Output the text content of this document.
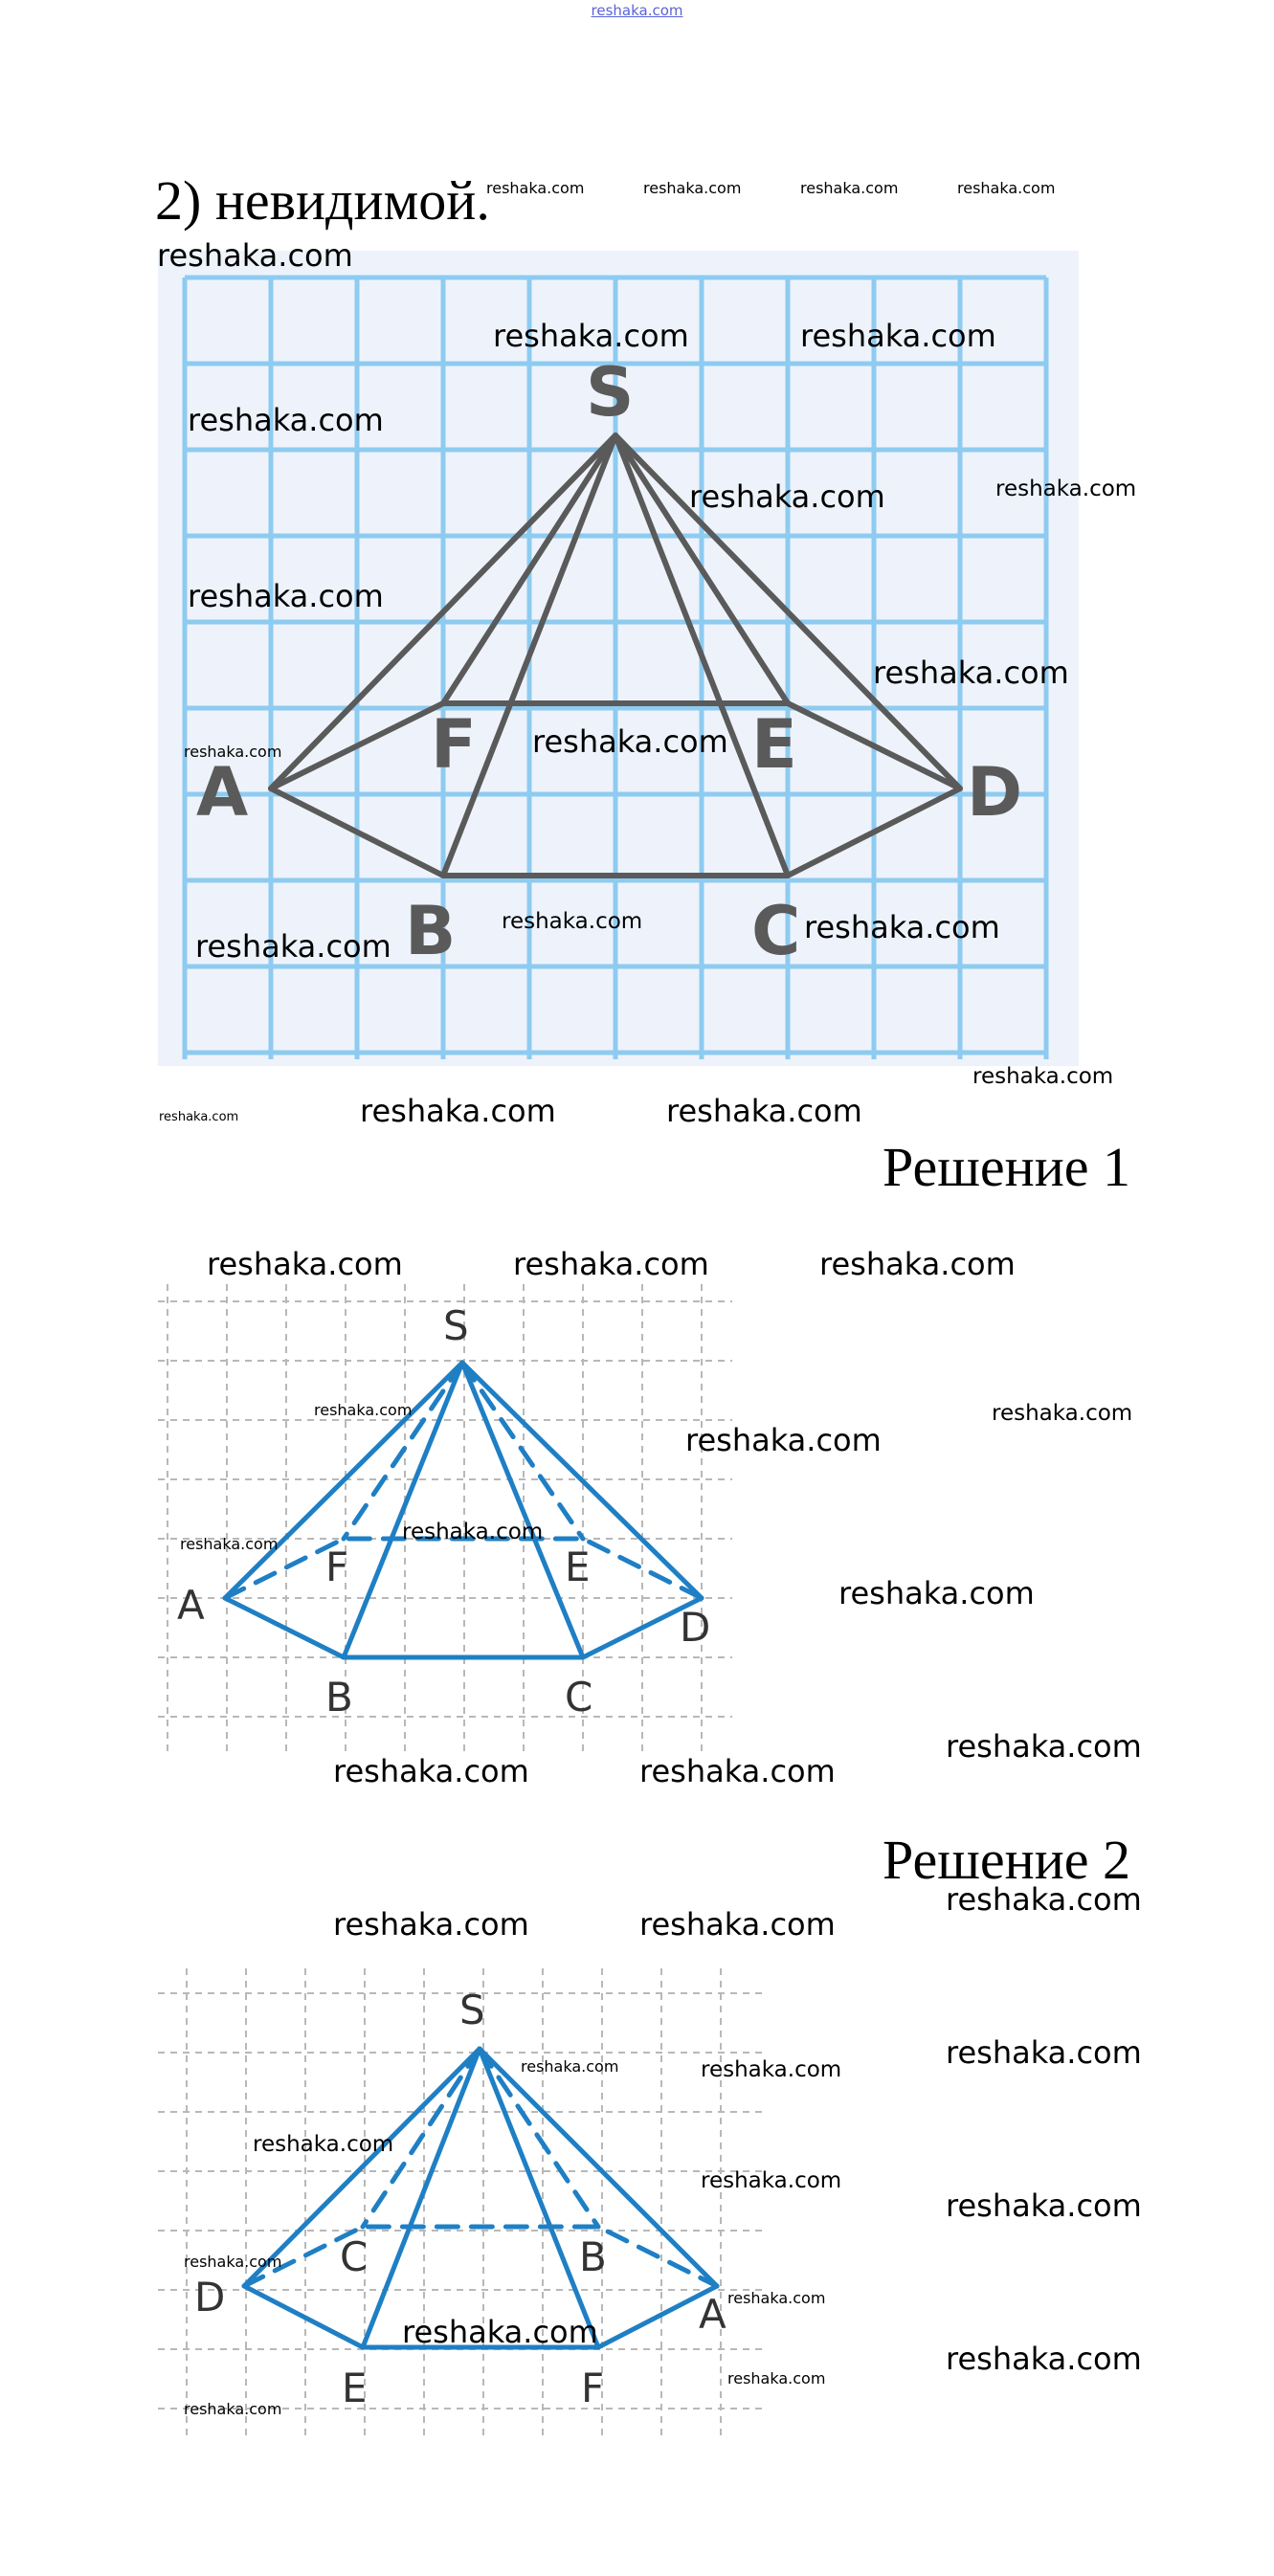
reshaka.com
2) невидимой.
S
A
F	E
D
B	C
Решение 1
S
A
F	E
D
B	C
Решение 2
S
D
C	B
A
E	F
reshaka.com	reshaka.com	reshaka.com	reshaka.com
reshaka.com
reshaka.com	reshaka.com
reshaka.com
reshaka.com	reshaka.com
reshaka.com
reshaka.com
reshaka.com
reshaka.com
reshaka.com	reshaka.com
reshaka.com
reshaka.com
reshaka.com	reshaka.com	reshaka.com
reshaka.com	reshaka.com	reshaka.com
reshaka.com	reshaka.com
reshaka.com
reshaka.com
reshaka.com
reshaka.com
reshaka.com
reshaka.com	reshaka.com
reshaka.com
reshaka.com	reshaka.com
reshaka.com	reshaka.com	reshaka.com
reshaka.com
reshaka.com
reshaka.com
reshaka.com
reshaka.com
reshaka.com
reshaka.com
reshaka.com
reshaka.com
